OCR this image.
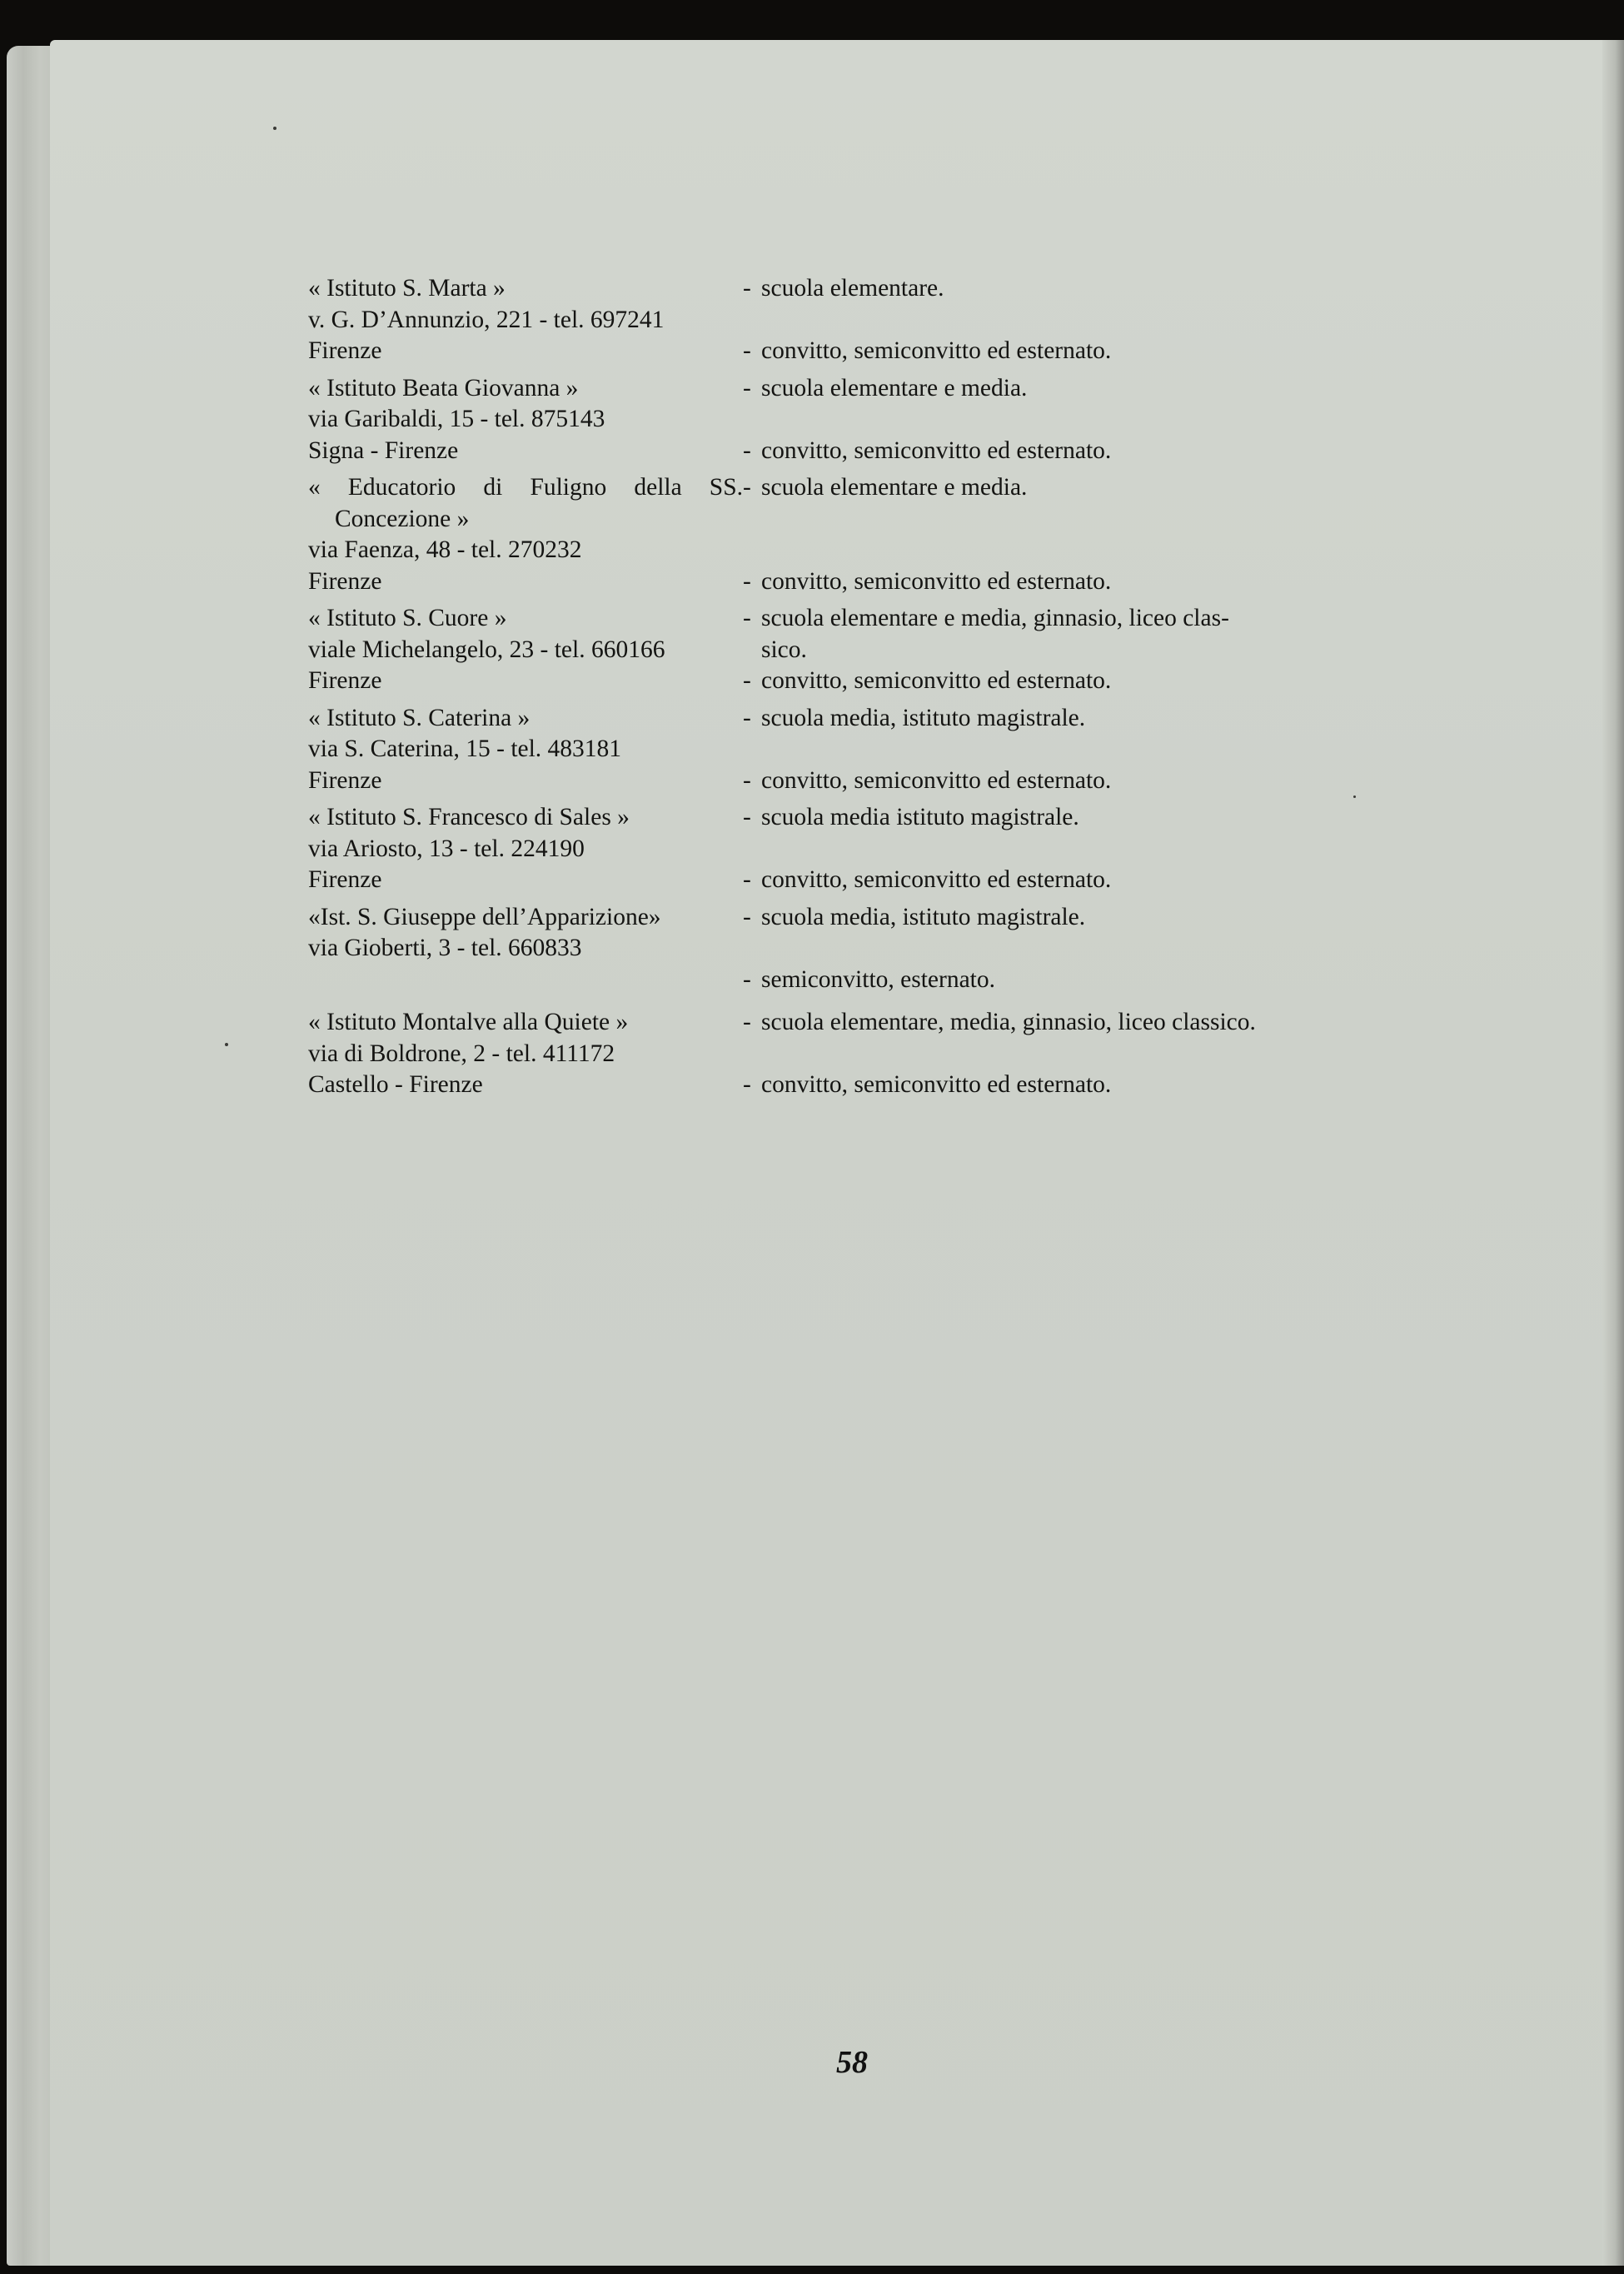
« Istituto S. Marta »
v. G. D’Annunzio, 221 - tel. 697241
Firenze
- scuola elementare.
- convitto, semiconvitto ed esternato.
« Istituto Beata Giovanna »
via Garibaldi, 15 - tel. 875143
Signa - Firenze
- scuola elementare e media.
- convitto, semiconvitto ed esternato.
« Educatorio di Fuligno della SS.
Concezione »
via Faenza, 48 - tel. 270232
Firenze
- scuola elementare e media.
- convitto, semiconvitto ed esternato.
« Istituto S. Cuore »
viale Michelangelo, 23 - tel. 660166
Firenze
- scuola elementare e media, ginnasio, liceo clas-
sico.
- convitto, semiconvitto ed esternato.
« Istituto S. Caterina »
via S. Caterina, 15 - tel. 483181
Firenze
- scuola media, istituto magistrale.
- convitto, semiconvitto ed esternato.
« Istituto S. Francesco di Sales »
via Ariosto, 13 - tel. 224190
Firenze
- scuola media istituto magistrale.
- convitto, semiconvitto ed esternato.
«Ist. S. Giuseppe dell’Apparizione»
via Gioberti, 3 - tel. 660833
- scuola media, istituto magistrale.
- semiconvitto, esternato.
« Istituto Montalve alla Quiete »
via di Boldrone, 2 - tel. 411172
Castello - Firenze
- scuola elementare, media, ginnasio, liceo classico.
- convitto, semiconvitto ed esternato.
58
